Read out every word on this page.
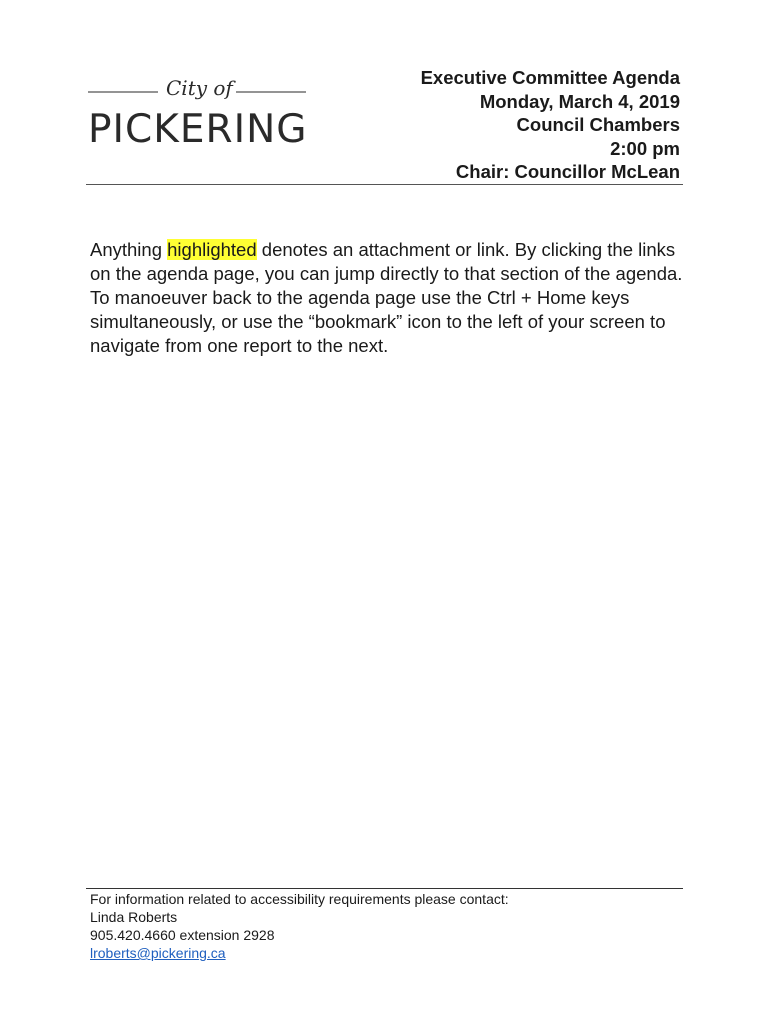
City of
PICKERING
Executive Committee Agenda
Monday, March 4, 2019
Council Chambers
2:00 pm
Chair: Councillor McLean

Anything highlighted denotes an attachment or link. By clicking the links on the agenda page, you can jump directly to that section of the agenda. To manoeuver back to the agenda page use the Ctrl + Home keys simultaneously, or use the “bookmark” icon to the left of your screen to navigate from one report to the next.

For information related to accessibility requirements please contact:
Linda Roberts
905.420.4660 extension 2928
lroberts@pickering.ca
